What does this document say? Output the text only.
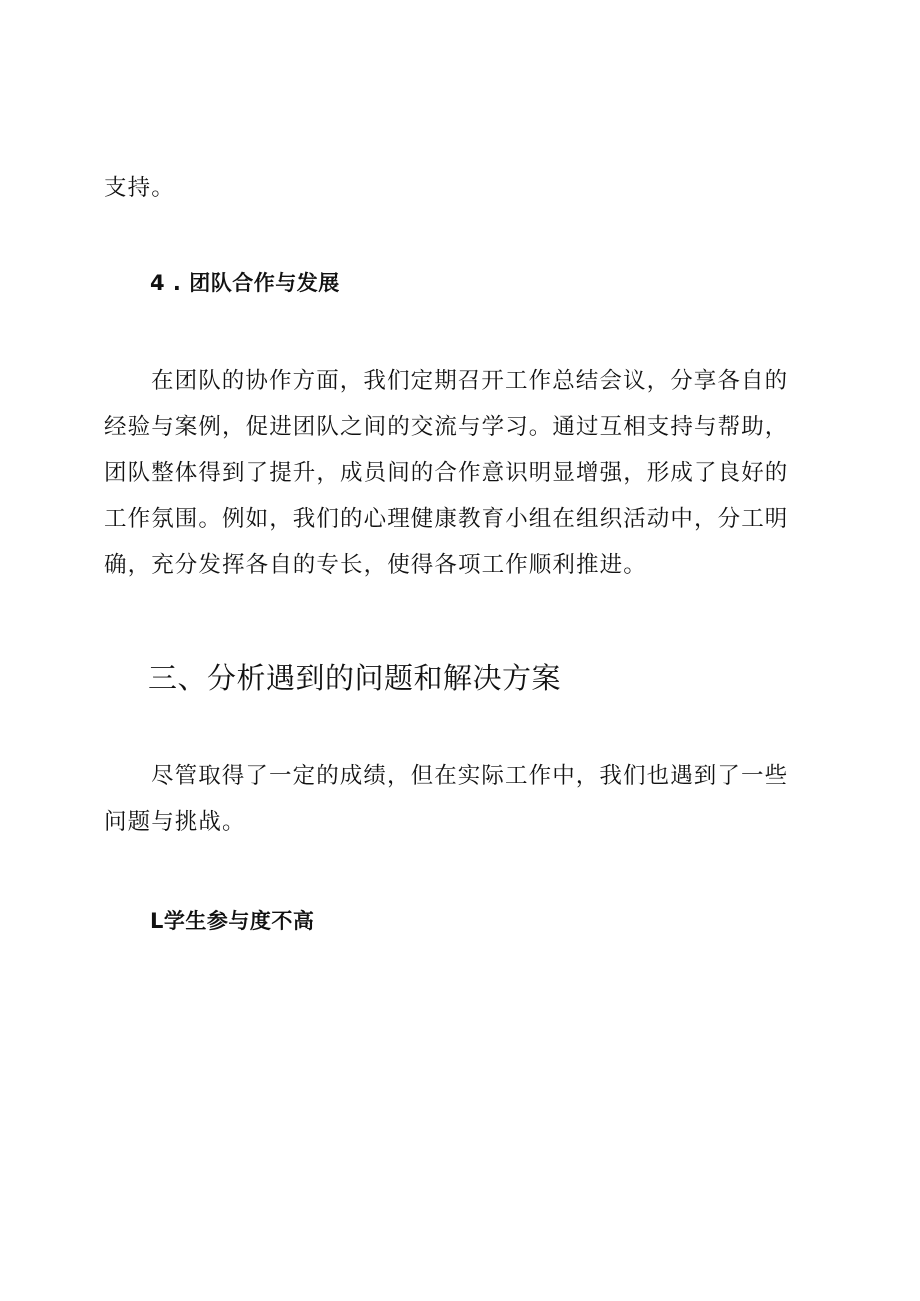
支持。

4 . 团队合作与发展

在团队的协作方面，我们定期召开工作总结会议，分享各自的经验与案例，促进团队之间的交流与学习。通过互相支持与帮助，团队整体得到了提升，成员间的合作意识明显增强，形成了良好的工作氛围。例如，我们的心理健康教育小组在组织活动中，分工明确，充分发挥各自的专长，使得各项工作顺利推进。

三、分析遇到的问题和解决方案

尽管取得了一定的成绩，但在实际工作中，我们也遇到了一些问题与挑战。

L学生参与度不高
